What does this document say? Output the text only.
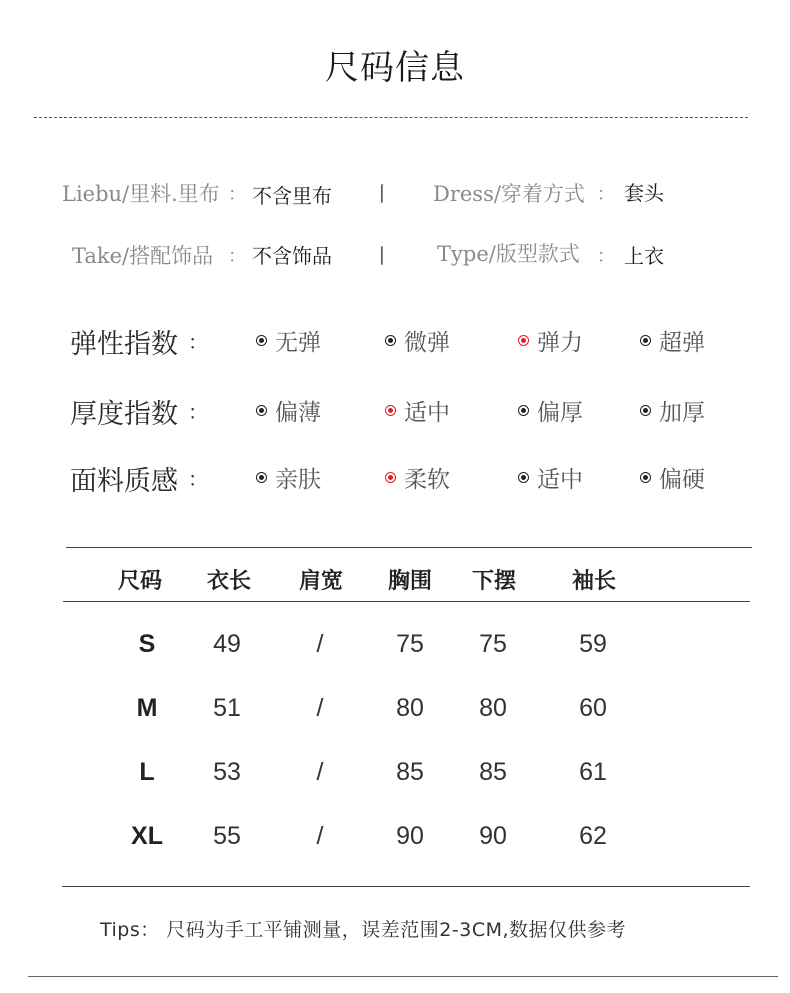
尺码信息
Liebu/里料.里布 ： 不含里布 丨 Dress/穿着方式 ： 套头
Take/搭配饰品 ： 不含饰品 丨 Type/版型款式 ： 上衣
弹性指数 ：	无弹	微弹	弹力	超弹
厚度指数 ：	偏薄	适中	偏厚	加厚
面料质感 ：	亲肤	柔软	适中	偏硬
尺码	衣长	肩宽	胸围	下摆	袖长
S	49	/	75	75	59
M	51	/	80	80	60
L	53	/	85	85	61
XL	55	/	90	90	62
Tips： 尺码为手工平铺测量，误差范围2-3CM,数据仅供参考
